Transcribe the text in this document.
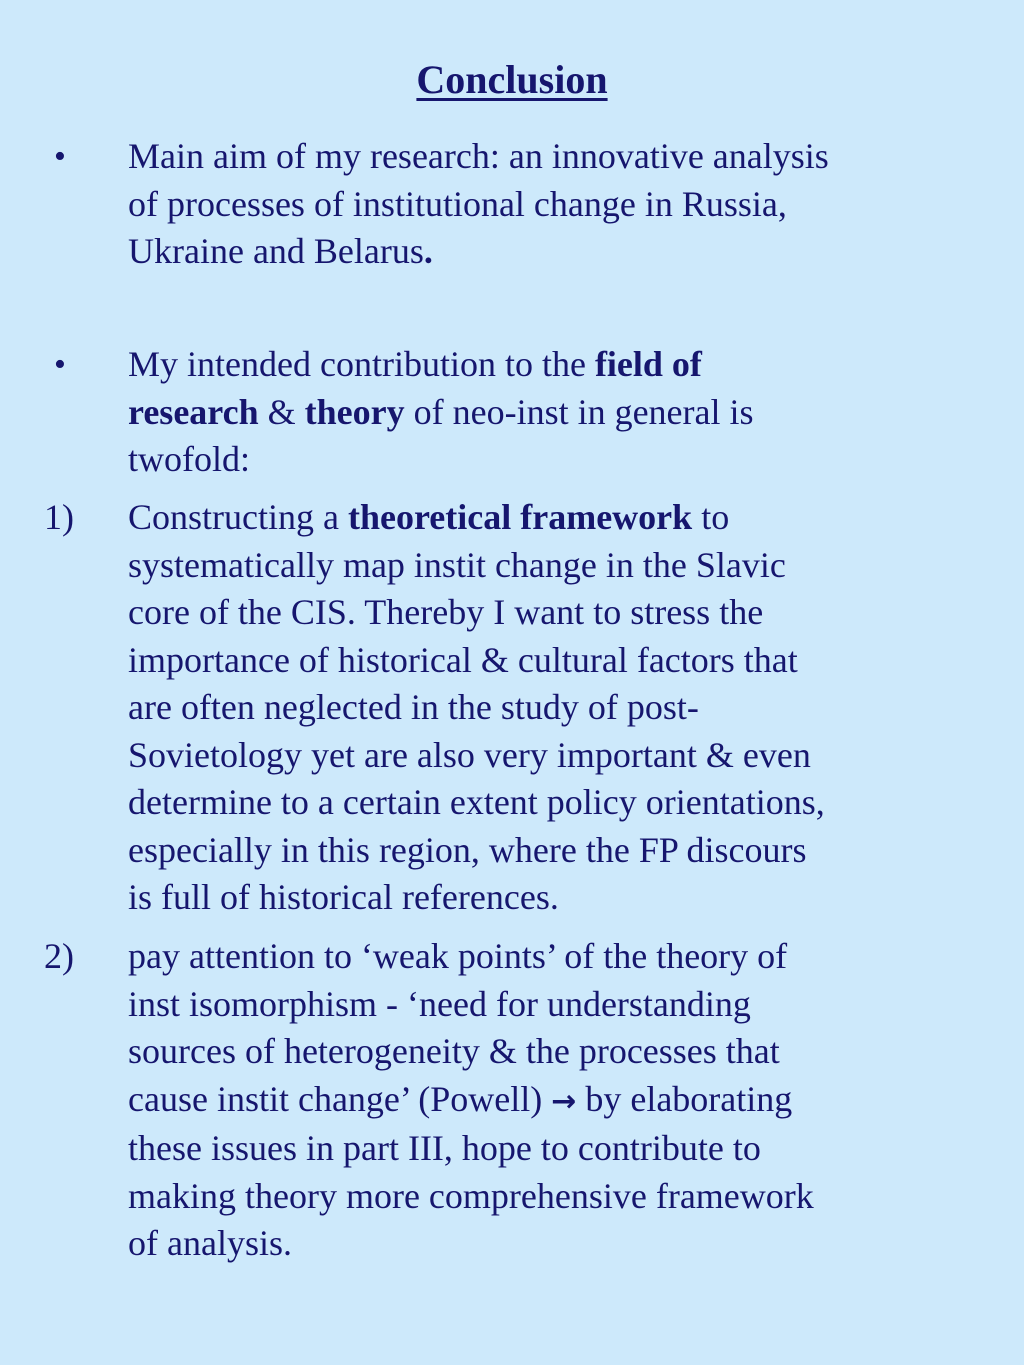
Conclusion
• Main aim of my research: an innovative analysis
of processes of institutional change in Russia,
Ukraine and Belarus.
• My intended contribution to the field of
research & theory of neo-inst in general is
twofold:
1) Constructing a theoretical framework to
systematically map instit change in the Slavic
core of the CIS. Thereby I want to stress the
importance of historical & cultural factors that
are often neglected in the study of post-
Sovietology yet are also very important & even
determine to a certain extent policy orientations,
especially in this region, where the FP discours
is full of historical references.
2) pay attention to ‘weak points’ of the theory of
inst isomorphism - ‘need for understanding
sources of heterogeneity & the processes that
cause instit change’ (Powell) → by elaborating
these issues in part III, hope to contribute to
making theory more comprehensive framework
of analysis.
